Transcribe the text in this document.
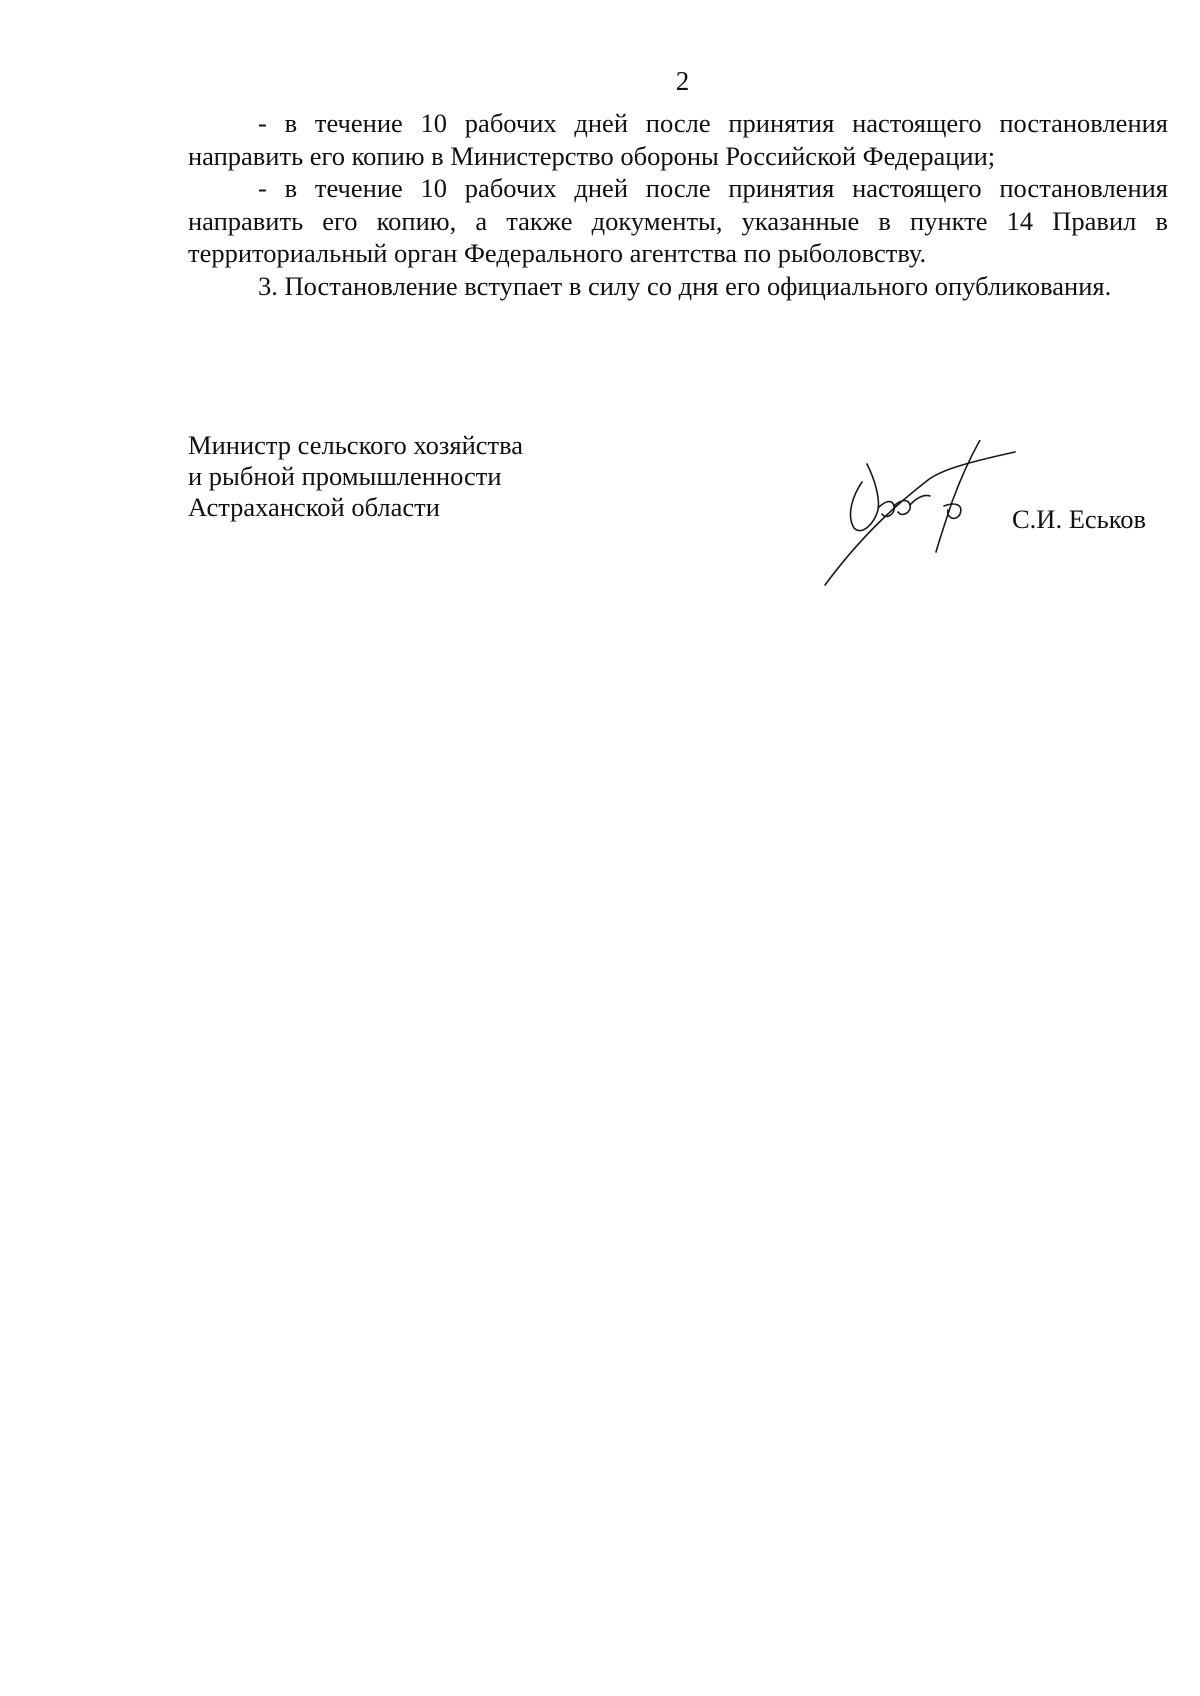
2

- в течение 10 рабочих дней после принятия настоящего постановления направить его копию в Министерство обороны Российской Федерации;

- в течение 10 рабочих дней после принятия настоящего постановления направить его копию, а также документы, указанные в пункте 14 Правил в территориальный орган Федерального агентства по рыболовству.

3. Постановление вступает в силу со дня его официального опубликования.

Министр сельского хозяйства
и рыбной промышленности
Астраханской области	С.И. Еськов
